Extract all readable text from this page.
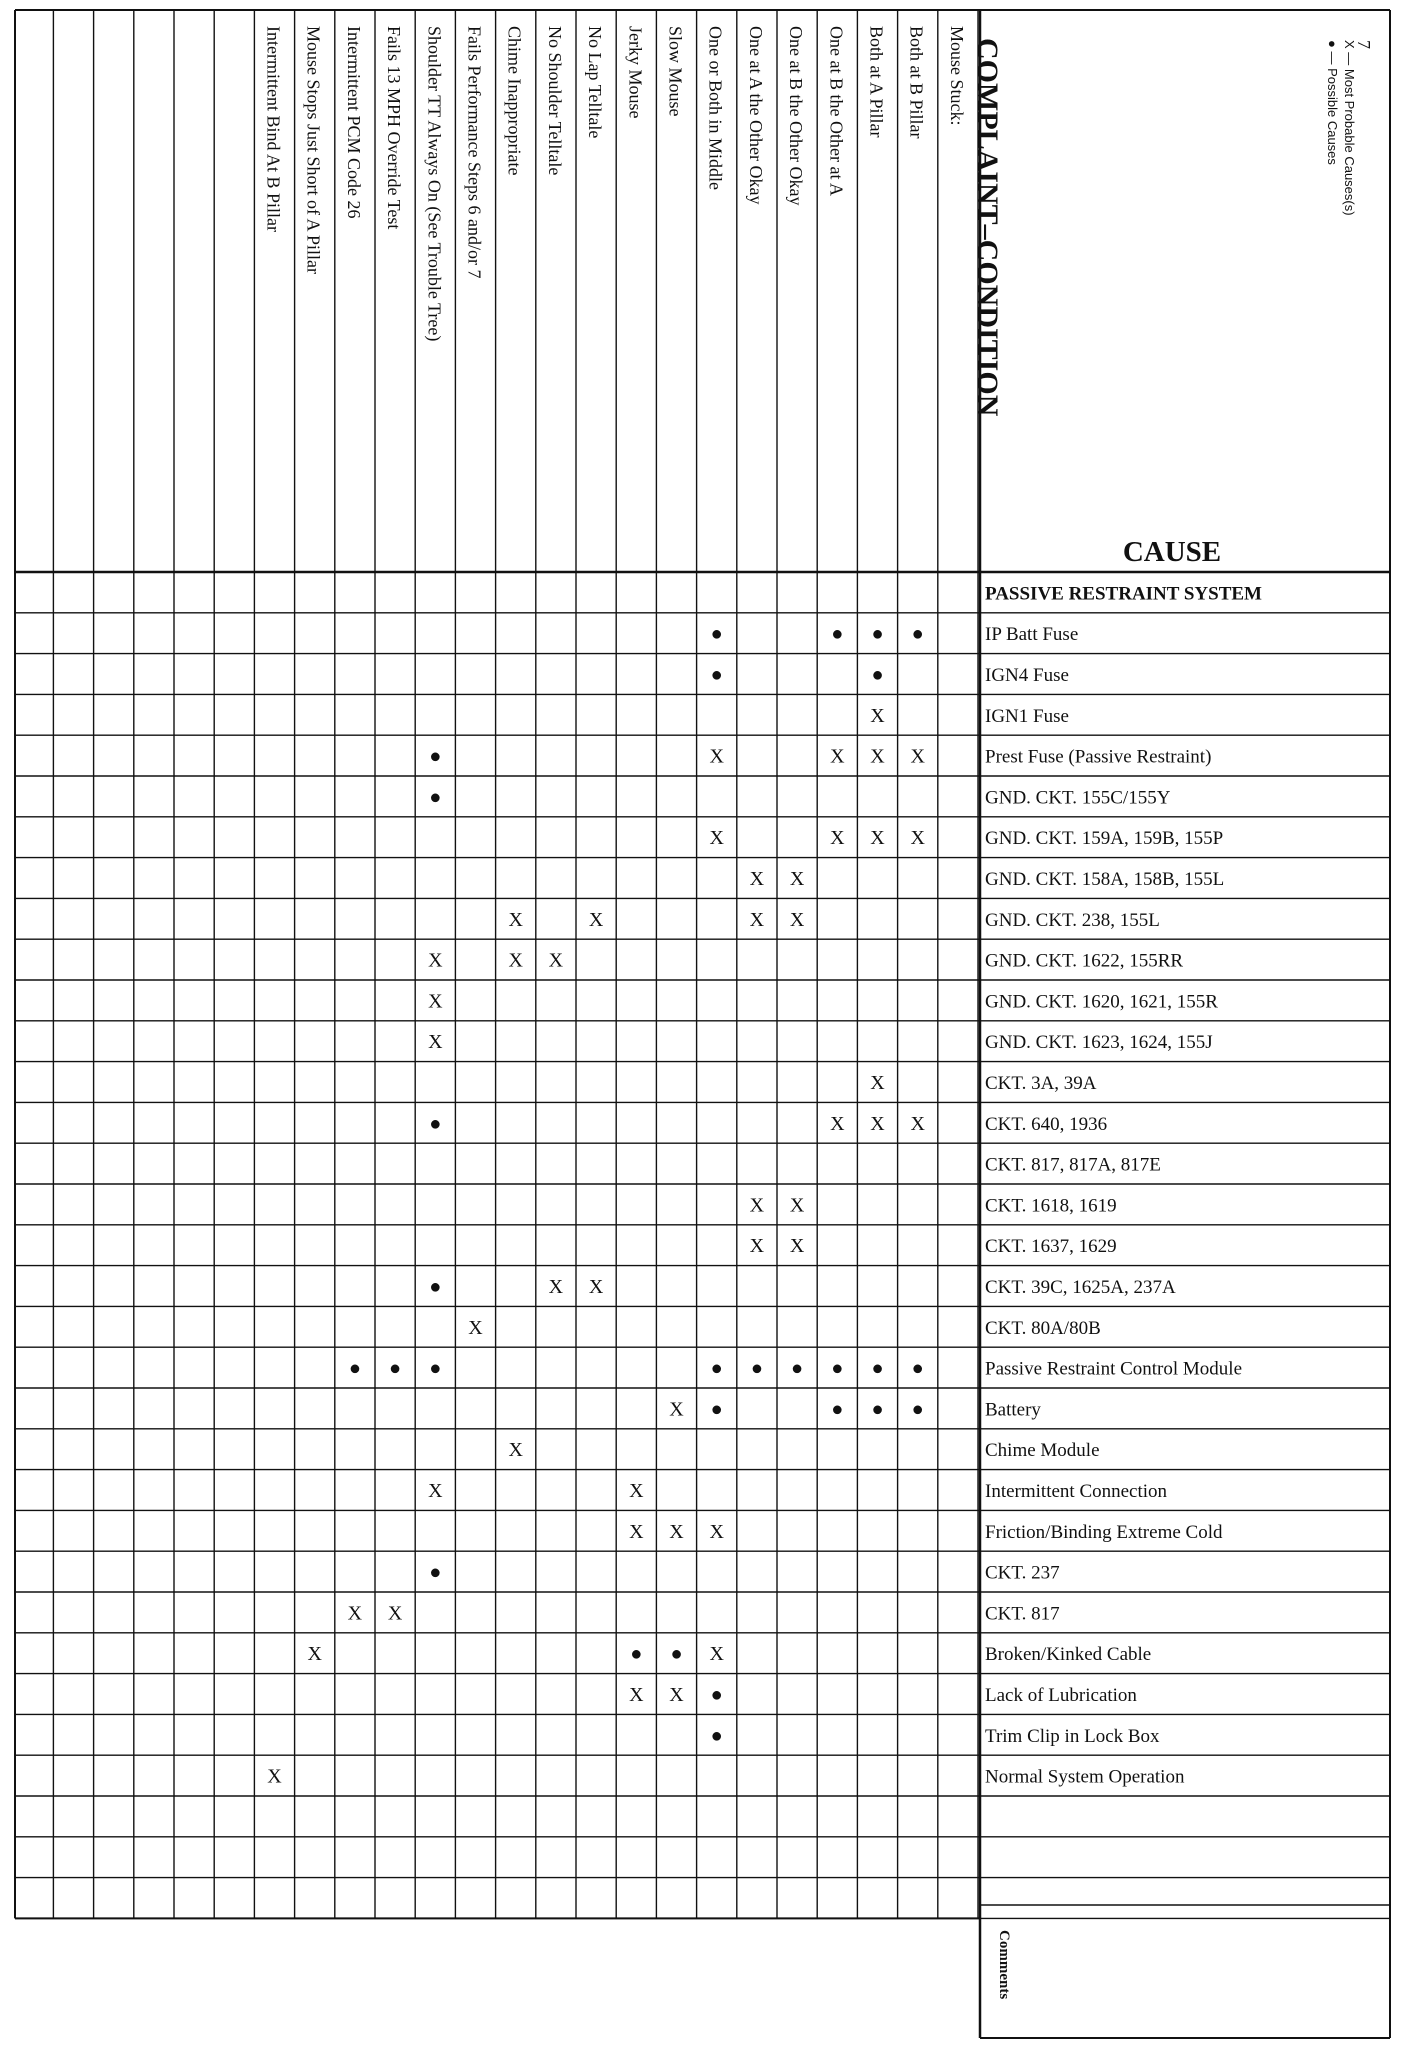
7
X — Most Probable Causes(s)
● — Possible Causes
COMPLAINT–CONDITION
CAUSE
Comments
Mouse Stuck:
Both at B Pillar
Both at A Pillar
One at B the Other at A
One at B the Other Okay
One at A the Other Okay
One or Both in Middle
Slow Mouse
Jerky Mouse
No Lap Telltale
No Shoulder Telltale
Chime Inappropriate
Fails Performance Steps 6 and/or 7
Shoulder TT Always On (See Trouble Tree)
Fails 13 MPH Override Test
Intermittent PCM Code 26
Mouse Stops Just Short of A Pillar
Intermittent Bind At B Pillar
PASSIVE RESTRAINT SYSTEM
IP Batt Fuse
IGN4 Fuse
IGN1 Fuse
Prest Fuse (Passive Restraint)
GND. CKT. 155C/155Y
GND. CKT. 159A, 159B, 155P
GND. CKT. 158A, 158B, 155L
GND. CKT. 238, 155L
GND. CKT. 1622, 155RR
GND. CKT. 1620, 1621, 155R
GND. CKT. 1623, 1624, 155J
CKT. 3A, 39A
CKT. 640, 1936
CKT. 817, 817A, 817E
CKT. 1618, 1619
CKT. 1637, 1629
CKT. 39C, 1625A, 237A
CKT. 80A/80B
Passive Restraint Control Module
Battery
Chime Module
Intermittent Connection
Friction/Binding Extreme Cold
CKT. 237
CKT. 817
Broken/Kinked Cable
Lack of Lubrication
Trim Clip in Lock Box
Normal System Operation
●
●
●
●
●
●
X
X
X
X
X
●
●
X
X
X
X
X
X
X
X
X
X
X
X
X
X
X
X
X
X
X
●
X
X
X
X
X
X
●
X
●
●
●
●
●
●
●
●
●
●
●
●
●
X
X
X
X
X
X
X
●
X
X
X
●
●
X
●
X
X
●
X
